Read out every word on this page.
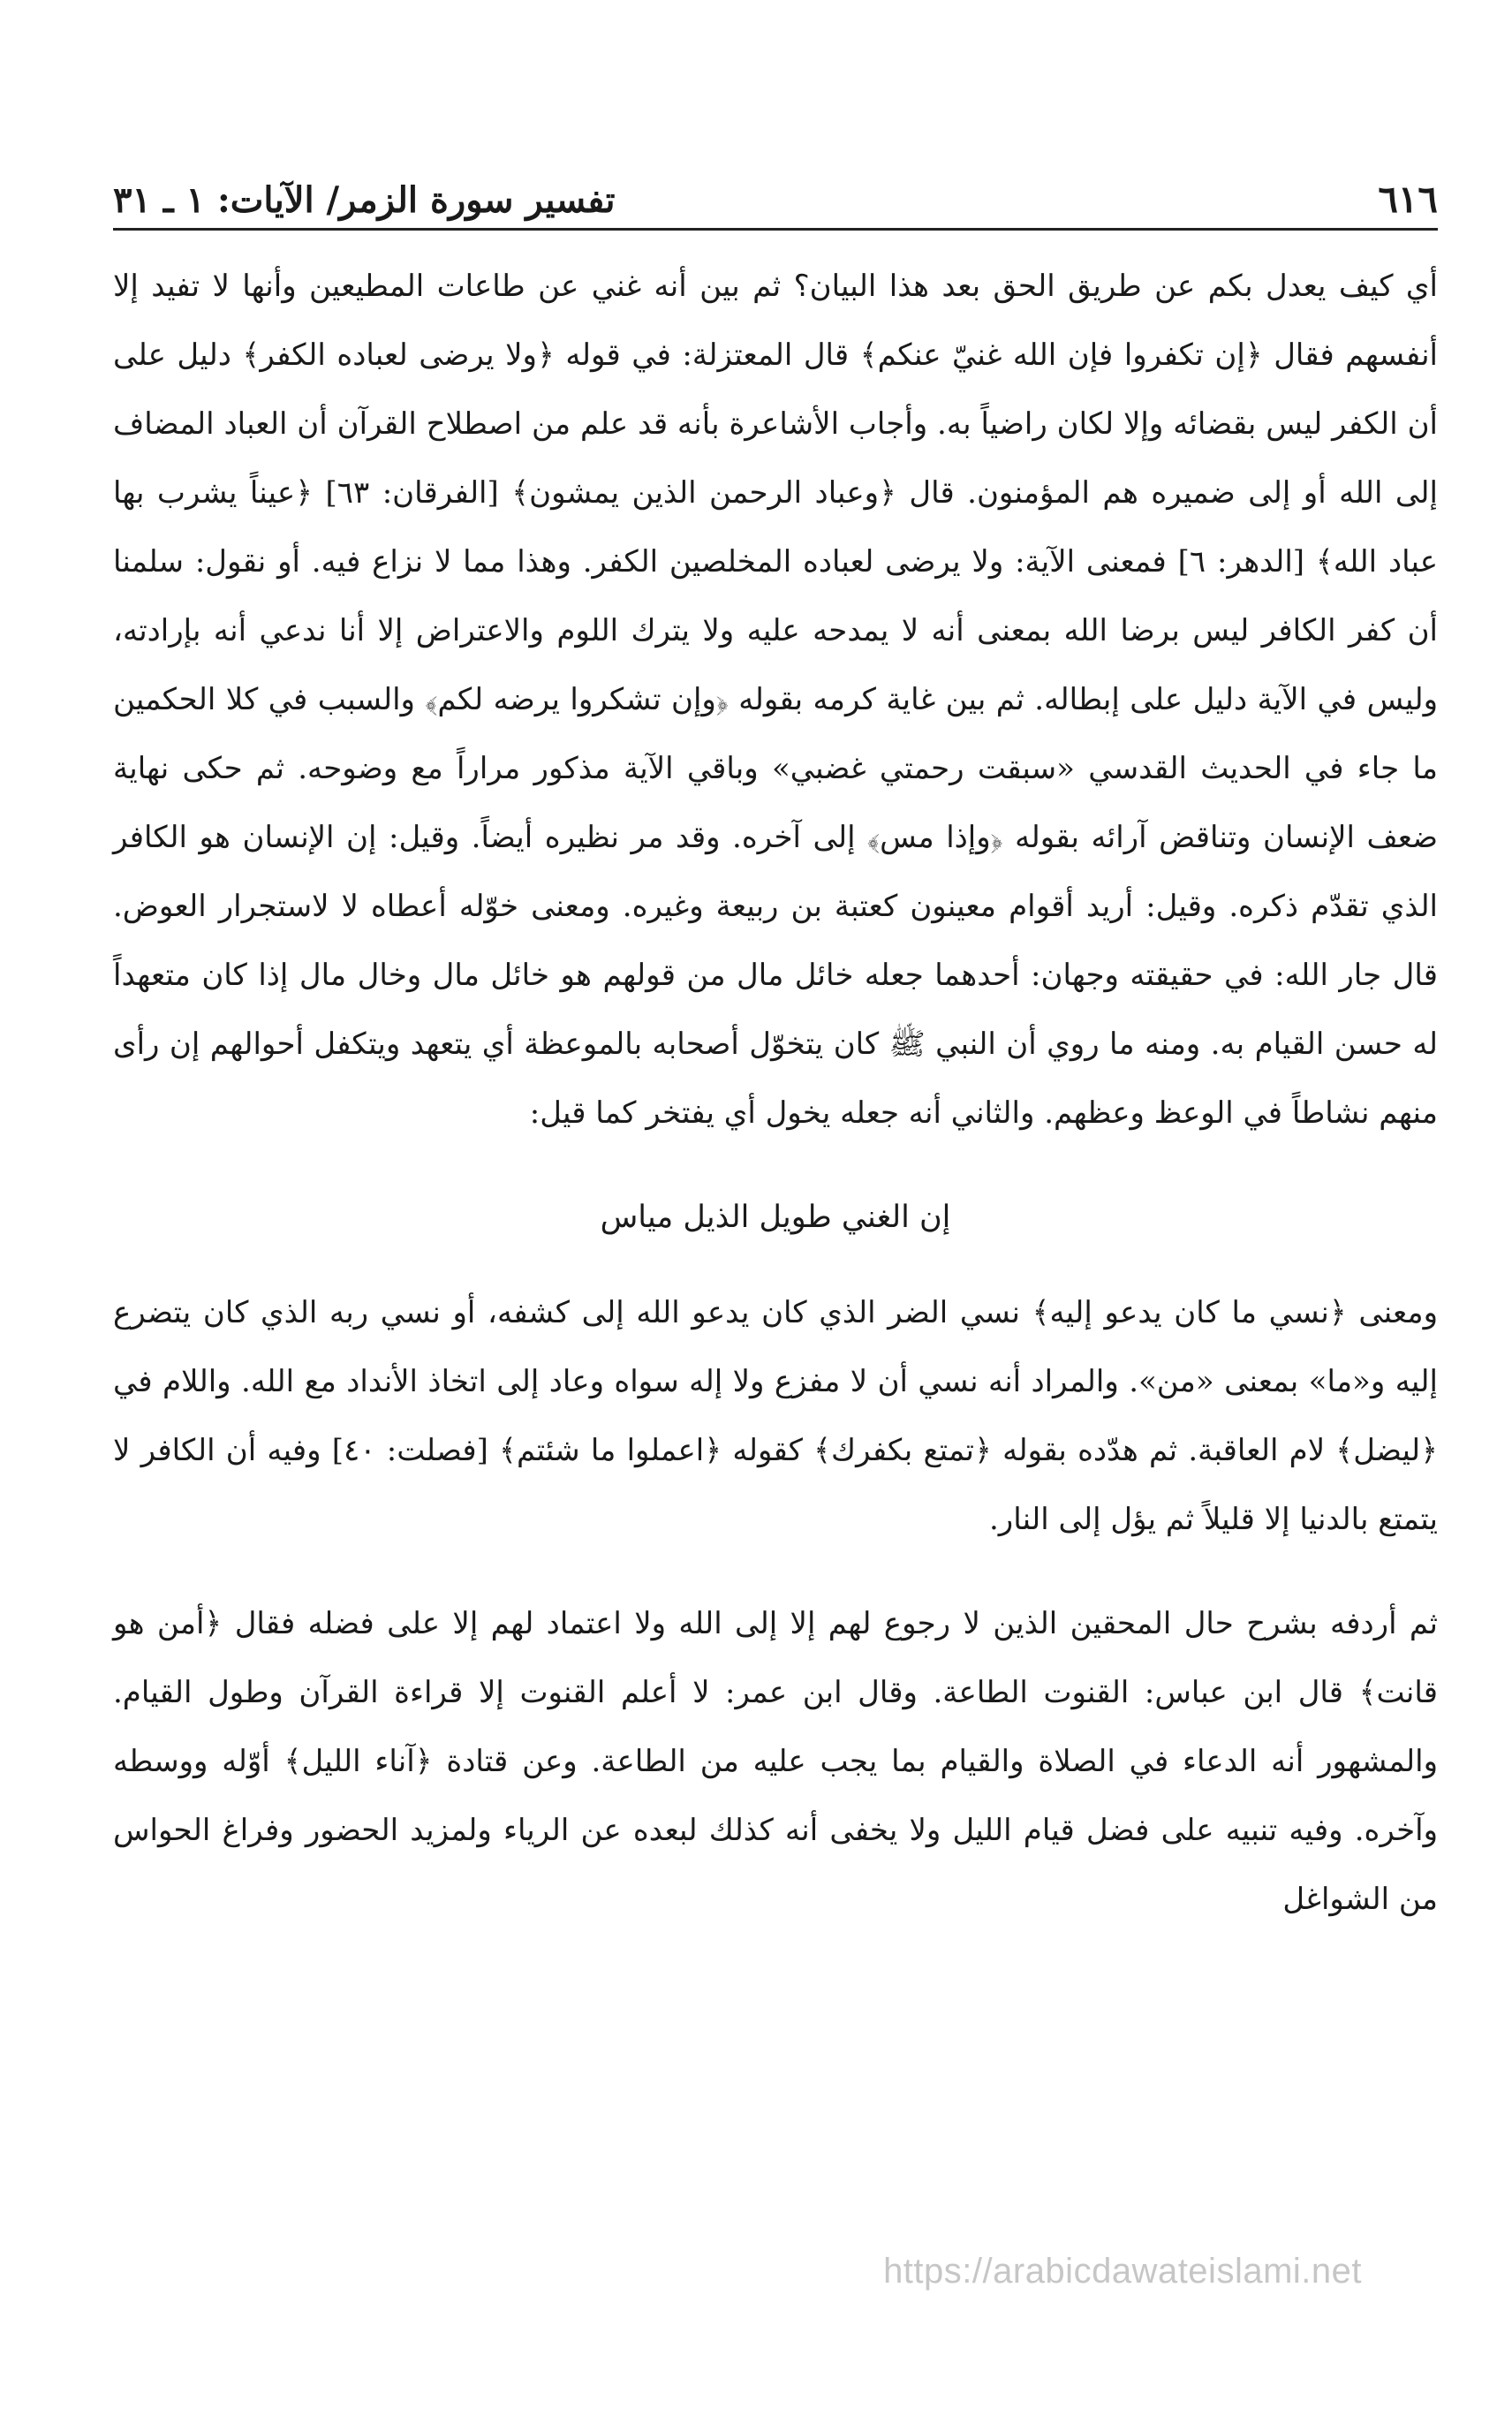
٦١٦
تفسير سورة الزمر/ الآيات: ١ ـ ٣١

أي كيف يعدل بكم عن طريق الحق بعد هذا البيان؟ ثم بين أنه غني عن طاعات المطيعين وأنها لا تفيد إلا أنفسهم فقال ﴿إن تكفروا فإن الله غنيّ عنكم﴾ قال المعتزلة: في قوله ﴿ولا يرضى لعباده الكفر﴾ دليل على أن الكفر ليس بقضائه وإلا لكان راضياً به. وأجاب الأشاعرة بأنه قد علم من اصطلاح القرآن أن العباد المضاف إلى الله أو إلى ضميره هم المؤمنون. قال ﴿وعباد الرحمن الذين يمشون﴾ [الفرقان: ٦٣] ﴿عيناً يشرب بها عباد الله﴾ [الدهر: ٦] فمعنى الآية: ولا يرضى لعباده المخلصين الكفر. وهذا مما لا نزاع فيه. أو نقول: سلمنا أن كفر الكافر ليس برضا الله بمعنى أنه لا يمدحه عليه ولا يترك اللوم والاعتراض إلا أنا ندعي أنه بإرادته، وليس في الآية دليل على إبطاله. ثم بين غاية كرمه بقوله ﴿وإن تشكروا يرضه لكم﴾ والسبب في كلا الحكمين ما جاء في الحديث القدسي «سبقت رحمتي غضبي» وباقي الآية مذكور مراراً مع وضوحه. ثم حكى نهاية ضعف الإنسان وتناقض آرائه بقوله ﴿وإذا مس﴾ إلى آخره. وقد مر نظيره أيضاً. وقيل: إن الإنسان هو الكافر الذي تقدّم ذكره. وقيل: أريد أقوام معينون كعتبة بن ربيعة وغيره. ومعنى خوّله أعطاه لا لاستجرار العوض. قال جار الله: في حقيقته وجهان: أحدهما جعله خائل مال من قولهم هو خائل مال وخال مال إذا كان متعهداً له حسن القيام به. ومنه ما روي أن النبي ﷺ كان يتخوّل أصحابه بالموعظة أي يتعهد ويتكفل أحوالهم إن رأى منهم نشاطاً في الوعظ وعظهم. والثاني أنه جعله يخول أي يفتخر كما قيل:

إن الغني طويل الذيل مياس

ومعنى ﴿نسي ما كان يدعو إليه﴾ نسي الضر الذي كان يدعو الله إلى كشفه، أو نسي ربه الذي كان يتضرع إليه و«ما» بمعنى «من». والمراد أنه نسي أن لا مفزع ولا إله سواه وعاد إلى اتخاذ الأنداد مع الله. واللام في ﴿ليضل﴾ لام العاقبة. ثم هدّده بقوله ﴿تمتع بكفرك﴾ كقوله ﴿اعملوا ما شئتم﴾ [فصلت: ٤٠] وفيه أن الكافر لا يتمتع بالدنيا إلا قليلاً ثم يؤل إلى النار.

ثم أردفه بشرح حال المحقين الذين لا رجوع لهم إلا إلى الله ولا اعتماد لهم إلا على فضله فقال ﴿أمن هو قانت﴾ قال ابن عباس: القنوت الطاعة. وقال ابن عمر: لا أعلم القنوت إلا قراءة القرآن وطول القيام. والمشهور أنه الدعاء في الصلاة والقيام بما يجب عليه من الطاعة. وعن قتادة ﴿آناء الليل﴾ أوّله ووسطه وآخره. وفيه تنبيه على فضل قيام الليل ولا يخفى أنه كذلك لبعده عن الرياء ولمزيد الحضور وفراغ الحواس من الشواغل

https://arabicdawateislami.net
